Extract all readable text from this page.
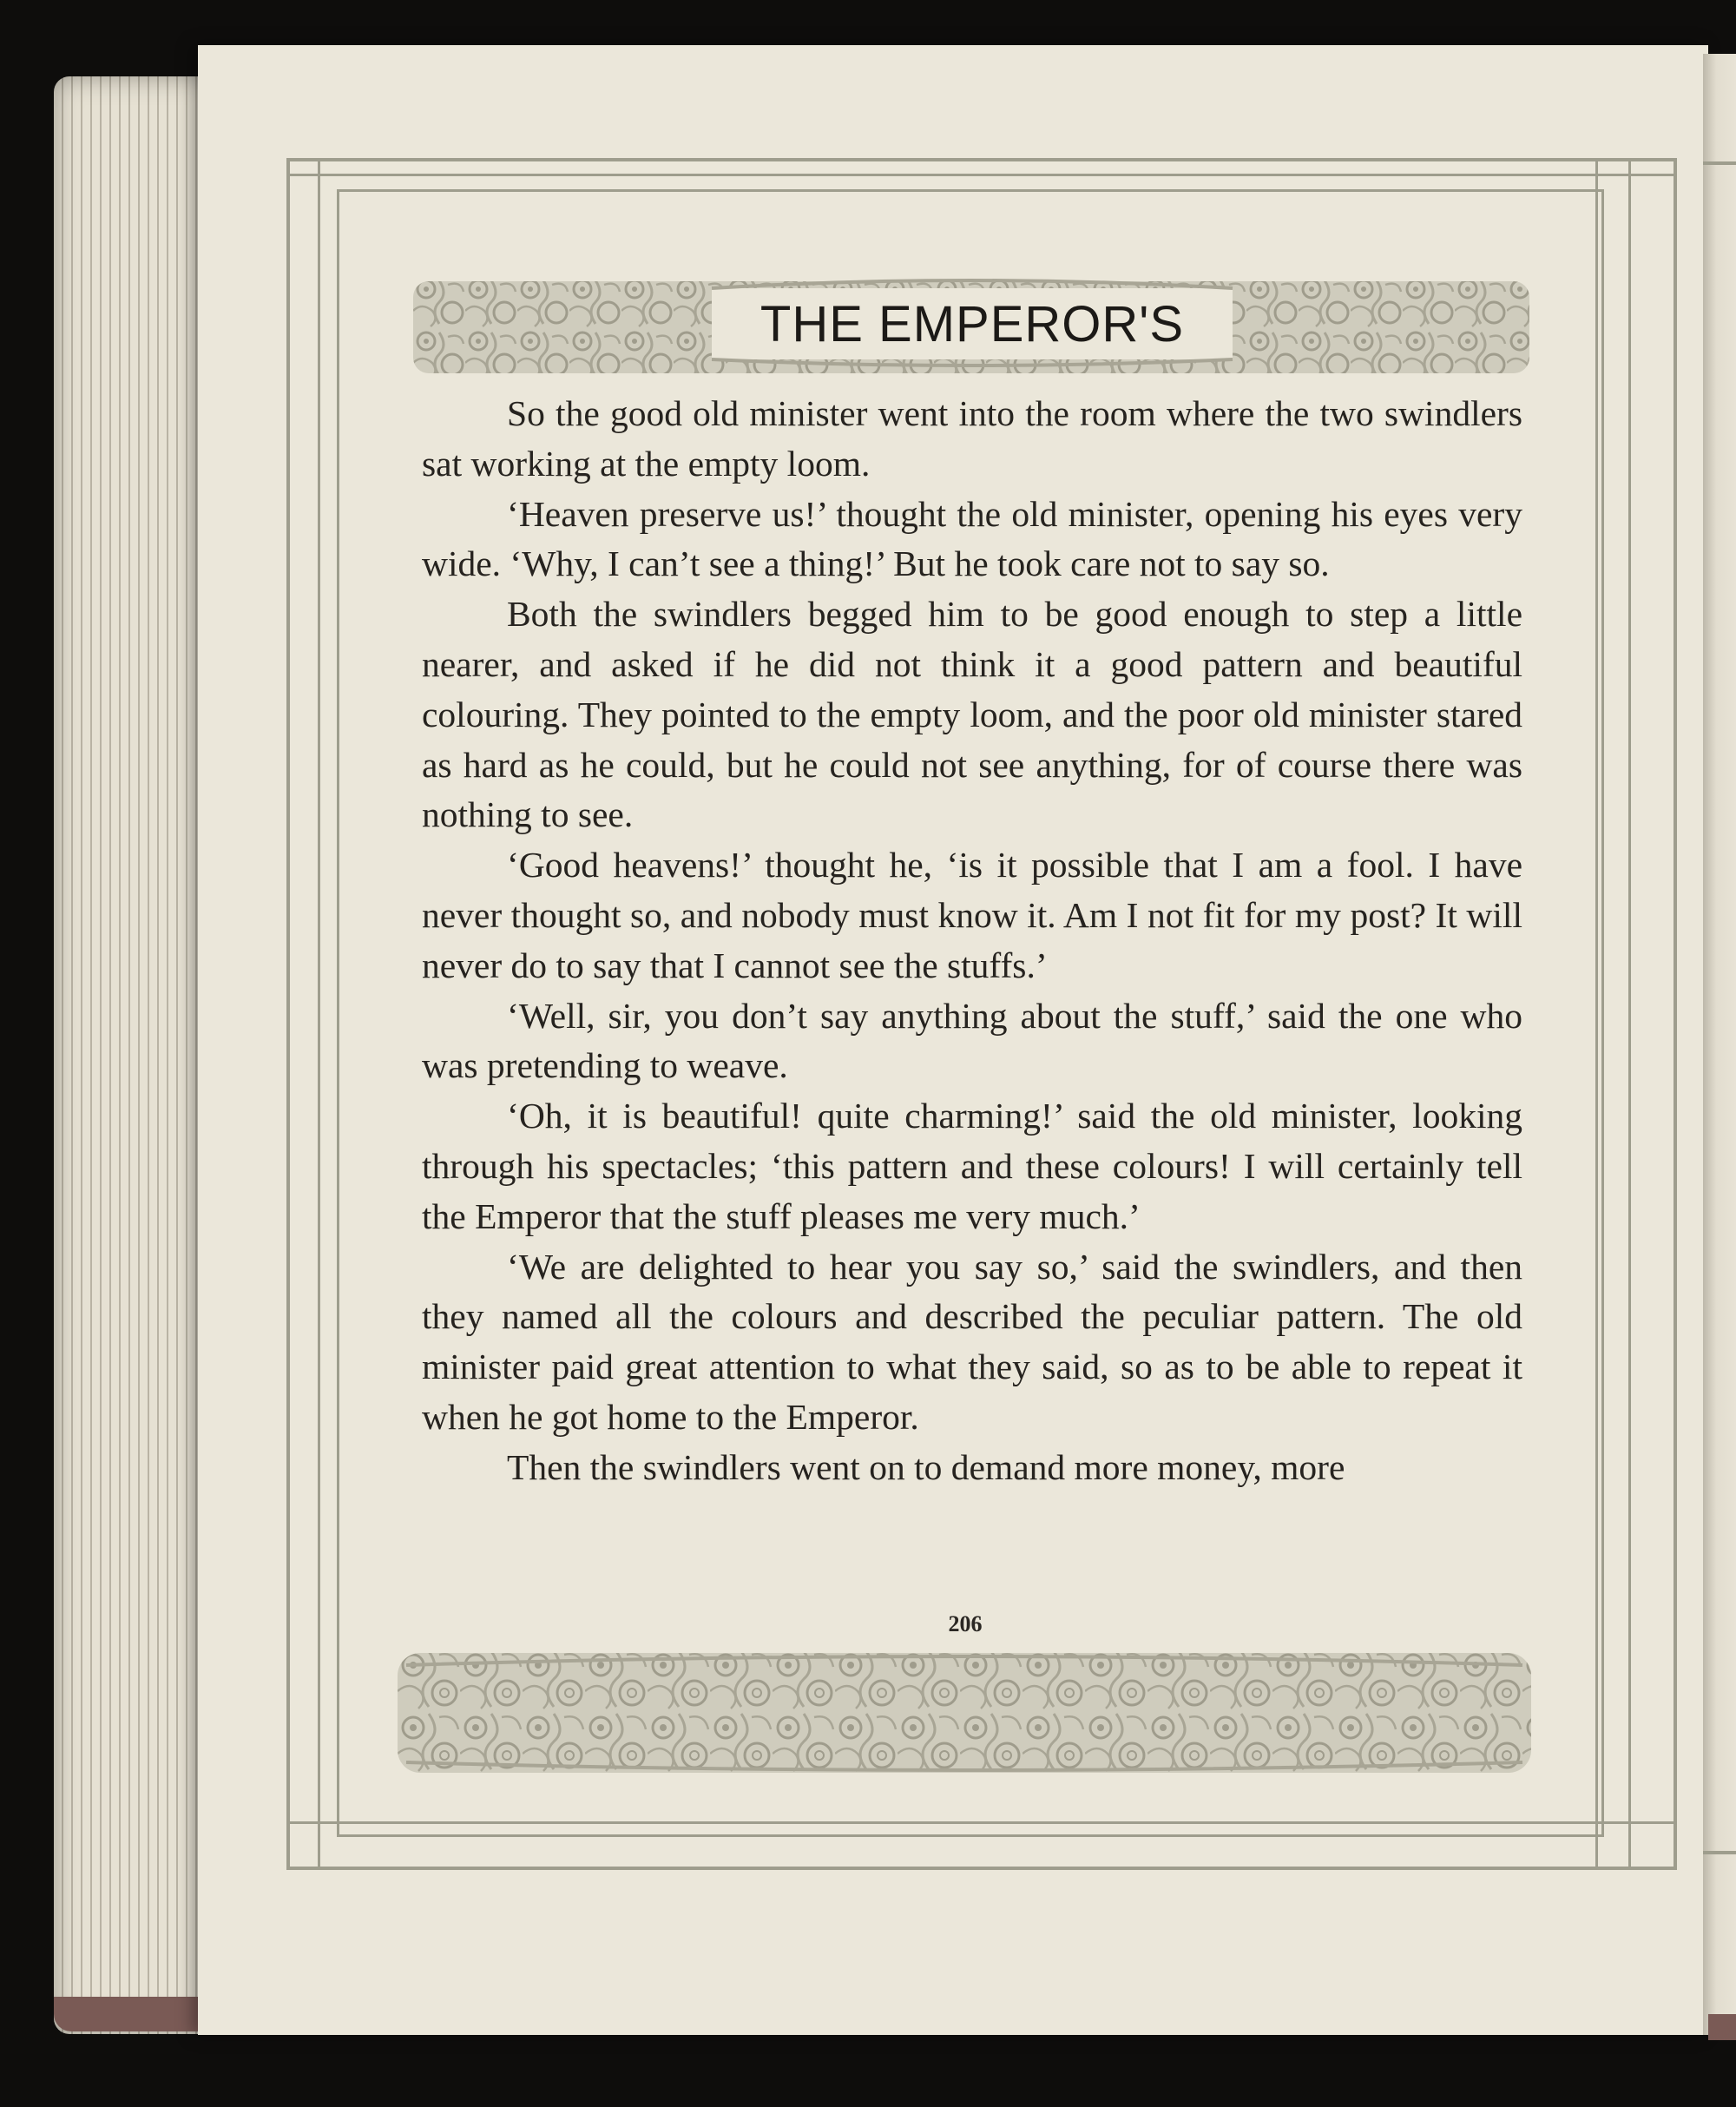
THE EMPEROR'S

So the good old minister went into the room where the two swindlers sat working at the empty loom.

‘Heaven preserve us!’ thought the old minister, opening his eyes very wide. ‘Why, I can’t see a thing!’ But he took care not to say so.

Both the swindlers begged him to be good enough to step a little nearer, and asked if he did not think it a good pattern and beautiful colouring. They pointed to the empty loom, and the poor old minister stared as hard as he could, but he could not see anything, for of course there was nothing to see.

‘Good heavens!’ thought he, ‘is it possible that I am a fool. I have never thought so, and nobody must know it. Am I not fit for my post? It will never do to say that I cannot see the stuffs.’

‘Well, sir, you don’t say anything about the stuff,’ said the one who was pretending to weave.

‘Oh, it is beautiful! quite charming!’ said the old minister, looking through his spectacles; ‘this pattern and these colours! I will certainly tell the Emperor that the stuff pleases me very much.’

‘We are delighted to hear you say so,’ said the swindlers, and then they named all the colours and described the peculiar pattern. The old minister paid great attention to what they said, so as to be able to repeat it when he got home to the Emperor.

Then the swindlers went on to demand more money, more

206
